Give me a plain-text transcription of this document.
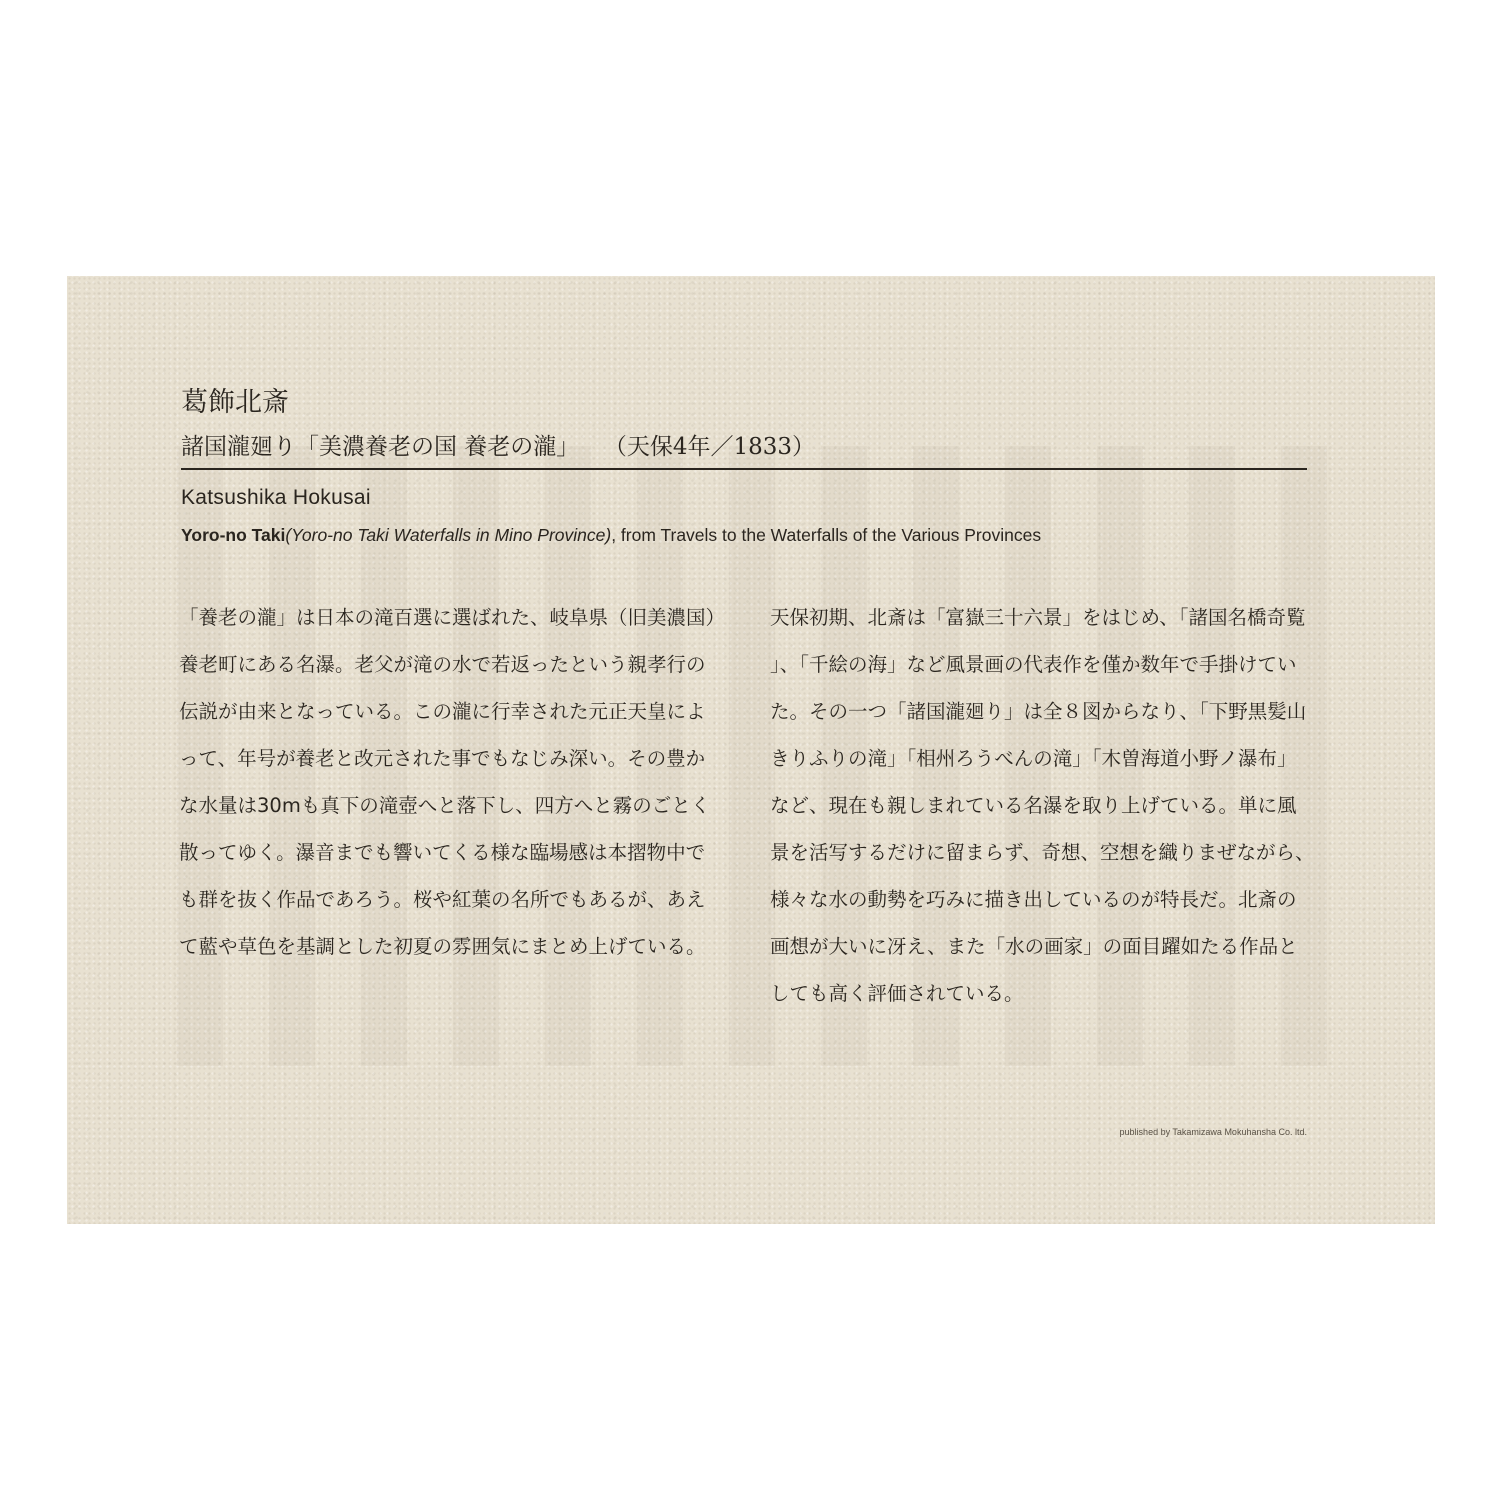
葛飾北斎

諸国瀧廻り「美濃養老の国 養老の瀧」 （天保4年／1833）

Katsushika Hokusai

Yoro-no Taki(Yoro-no Taki Waterfalls in Mino Province), from Travels to the Waterfalls of the Various Provinces

「養老の瀧」は日本の滝百選に選ばれた、岐阜県（旧美濃国）養老町にある名瀑。老父が滝の水で若返ったという親孝行の伝説が由来となっている。この瀧に行幸された元正天皇によって、年号が養老と改元された事でもなじみ深い。その豊かな水量は30mも真下の滝壺へと落下し、四方へと霧のごとく散ってゆく。瀑音までも響いてくる様な臨場感は本摺物中でも群を抜く作品であろう。桜や紅葉の名所でもあるが、あえて藍や草色を基調とした初夏の雰囲気にまとめ上げている。

天保初期、北斎は「富嶽三十六景」をはじめ、「諸国名橋奇覧」、「千絵の海」など風景画の代表作を僅か数年で手掛けていた。その一つ「諸国瀧廻り」は全８図からなり、「下野黒髪山きりふりの滝」「相州ろうべんの滝」「木曽海道小野ノ瀑布」など、現在も親しまれている名瀑を取り上げている。単に風景を活写するだけに留まらず、奇想、空想を織りまぜながら、様々な水の動勢を巧みに描き出しているのが特長だ。北斎の画想が大いに冴え、また「水の画家」の面目躍如たる作品としても高く評価されている。

published by Takamizawa Mokuhansha Co. ltd.
